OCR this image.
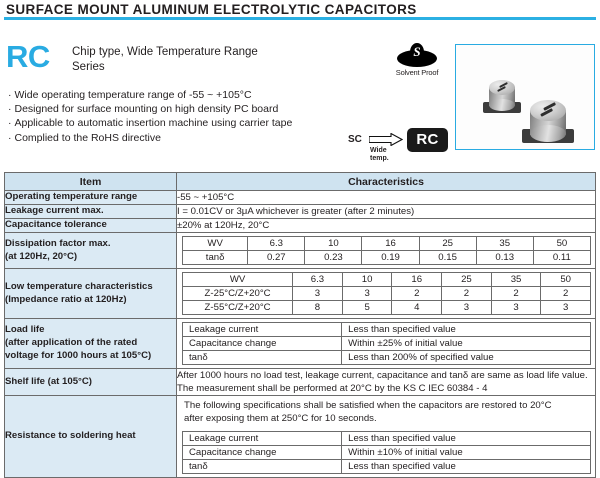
SURFACE MOUNT ALUMINUM ELECTROLYTIC CAPACITORS
RC Chip type, Wide Temperature Range
Series
· Wide operating temperature range of -55 ~ +105°C
· Designed for surface mounting on high density PC board
· Applicable to automatic insertion machine using carrier tape
· Complied to the RoHS directive
S
Solvent Proof
SC
Wide
temp.
RC
Item	Characteristics
Operating temperature range	-55 ~ +105°C
Leakage current max.	I = 0.01CV or 3μA whichever is greater (after 2 minutes)
Capacitance tolerance	±20% at 120Hz, 20°C

Dissipation factor max.
(at 120Hz, 20°C)

WV	6.3	10	16	25	35	50
tanδ	0.27	0.23	0.19	0.15	0.13	0.11

Low temperature characteristics
(Impedance ratio at 120Hz)

WV	6.3	10	16	25	35	50
Z-25°C/Z+20°C	3	3	2	2	2	2
Z-55°C/Z+20°C	8	5	4	3	3	3

Load life
(after application of the rated
voltage for 1000 hours at 105°C)

Leakage current	Less than specified value
Capacitance change	Within ±25% of initial value
tanδ	Less than 200% of specified value

Shelf life (at 105°C)	
After 1000 hours no load test, leakage current, capacitance and tanδ are same as load life value.
The measurement shall be performed at 20°C by the KS C IEC 60384 - 4

Resistance to soldering heat	
The following specifications shall be satisfied when the capacitors are restored to 20°C
after exposing them at 250°C for 10 seconds.
Leakage current	Less than specified value
Capacitance change	Within ±10% of initial value
tanδ	Less than specified value
